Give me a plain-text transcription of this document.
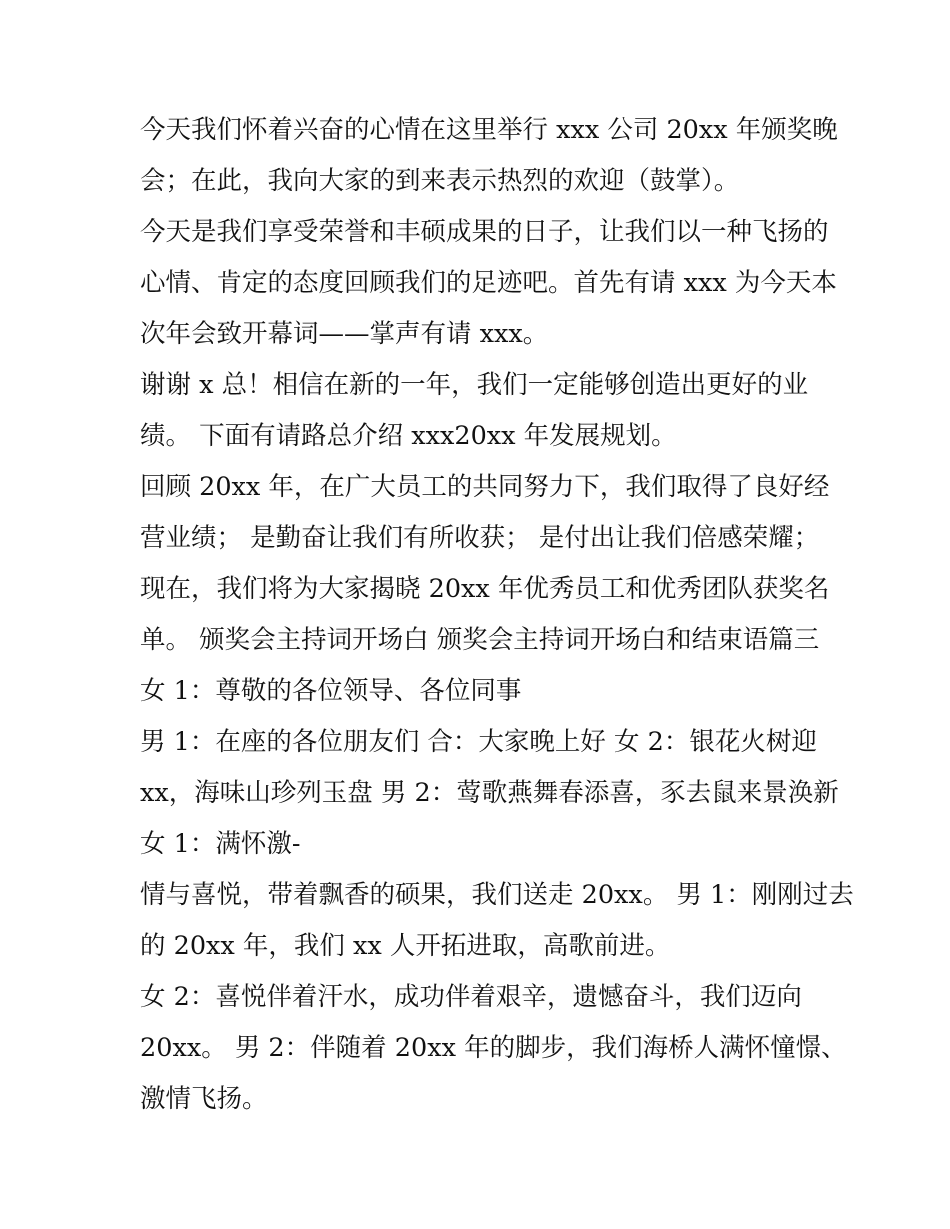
今天我们怀着兴奋的心情在这里举行 xxx 公司 20xx 年颁奖晚
会；在此，我向大家的到来表示热烈的欢迎（鼓掌）。
今天是我们享受荣誉和丰硕成果的日子，让我们以一种飞扬的
心情、肯定的态度回顾我们的足迹吧。首先有请 xxx 为今天本
次年会致开幕词——掌声有请 xxx。
谢谢 x 总！相信在新的一年，我们一定能够创造出更好的业
绩。 下面有请路总介绍 xxx20xx 年发展规划。
回顾 20xx 年，在广大员工的共同努力下，我们取得了良好经
营业绩； 是勤奋让我们有所收获； 是付出让我们倍感荣耀；
现在，我们将为大家揭晓 20xx 年优秀员工和优秀团队获奖名
单。 颁奖会主持词开场白 颁奖会主持词开场白和结束语篇三
女 1：尊敬的各位领导、各位同事
男 1：在座的各位朋友们 合：大家晚上好 女 2：银花火树迎
xx，海味山珍列玉盘 男 2：莺歌燕舞春添喜，豕去鼠来景涣新
女 1：满怀激-
情与喜悦，带着飘香的硕果，我们送走 20xx。 男 1：刚刚过去
的 20xx 年，我们 xx 人开拓进取，高歌前进。
女 2：喜悦伴着汗水，成功伴着艰辛，遗憾奋斗，我们迈向
20xx。 男 2：伴随着 20xx 年的脚步，我们海桥人满怀憧憬、
激情飞扬。
